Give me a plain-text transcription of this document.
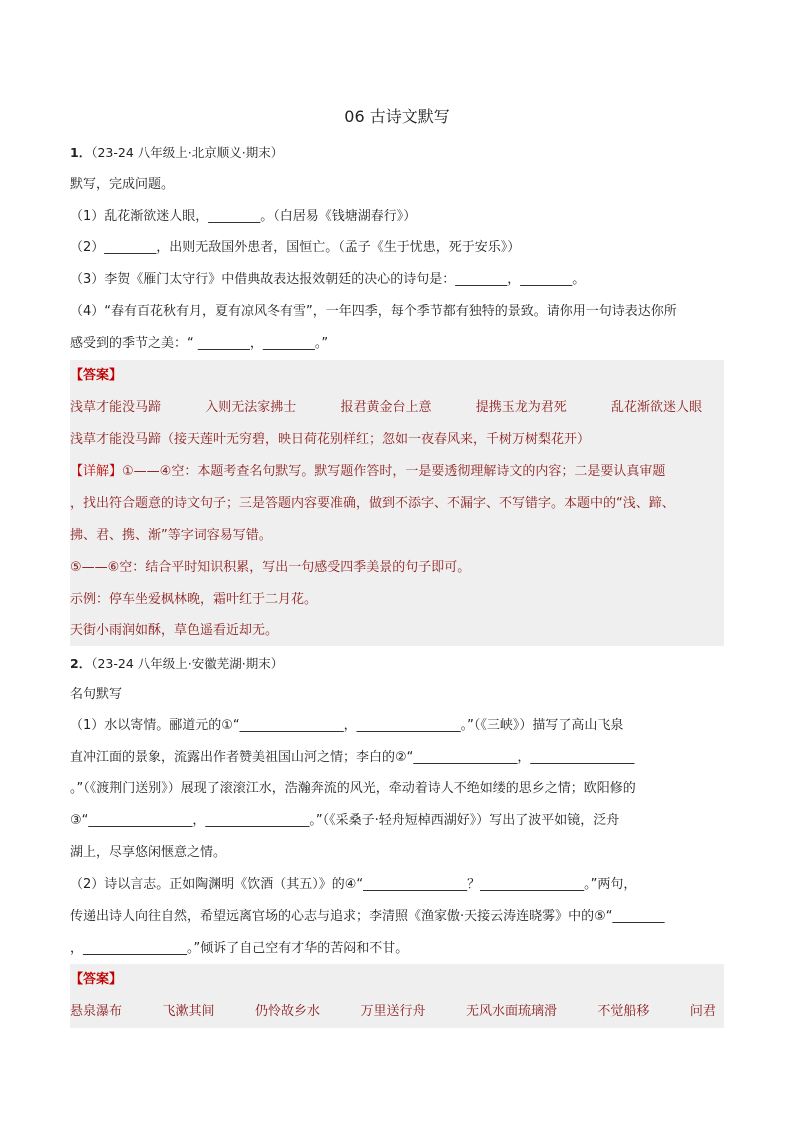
06 古诗文默写
1．（23-24 八年级上·北京顺义·期末）
默写，完成问题。
（1）乱花渐欲迷人眼，________。（白居易《钱塘湖春行》）
（2）________，出则无敌国外患者，国恒亡。（孟子《生于忧患，死于安乐》）
（3）李贺《雁门太守行》中借典故表达报效朝廷的决心的诗句是：________，________。
（4）“春有百花秋有月，夏有凉风冬有雪”，一年四季，每个季节都有独特的景致。请你用一句诗表达你所
感受到的季节之美：“ ________，________。”
【答案】
浅草才能没马蹄	入则无法家拂士	报君黄金台上意	提携玉龙为君死	乱花渐欲迷人眼
浅草才能没马蹄（接天莲叶无穷碧，映日荷花别样红；忽如一夜春风来，千树万树梨花开）
【详解】①——④空：本题考查名句默写。默写题作答时，一是要透彻理解诗文的内容；二是要认真审题
，找出符合题意的诗文句子；三是答题内容要准确，做到不添字、不漏字、不写错字。本题中的“浅、蹄、
拂、君、携、渐”等字词容易写错。
⑤——⑥空：结合平时知识积累，写出一句感受四季美景的句子即可。
示例：停车坐爱枫林晚，霜叶红于二月花。
天街小雨润如酥，草色遥看近却无。
2．（23-24 八年级上·安徽芜湖·期末）
名句默写
（1）水以寄情。郦道元的①“________________，________________。”（《三峡》）描写了高山飞泉
直冲江面的景象，流露出作者赞美祖国山河之情；李白的②“________________，________________
。”（《渡荆门送别》）展现了滚滚江水，浩瀚奔流的风光，牵动着诗人不绝如缕的思乡之情；欧阳修的
③“________________，________________。”（《采桑子·轻舟短棹西湖好》）写出了波平如镜，泛舟
湖上，尽享悠闲惬意之情。
（2）诗以言志。正如陶渊明《饮酒（其五）》的④“________________？________________。”两句，
传递出诗人向往自然，希望远离官场的心志与追求；李清照《渔家傲·天接云涛连晓雾》中的⑤“________
，________________。”倾诉了自己空有才华的苦闷和不甘。
【答案】
悬泉瀑布	飞漱其间	仍怜故乡水	万里送行舟	无风水面琉璃滑	不觉船移	问君
